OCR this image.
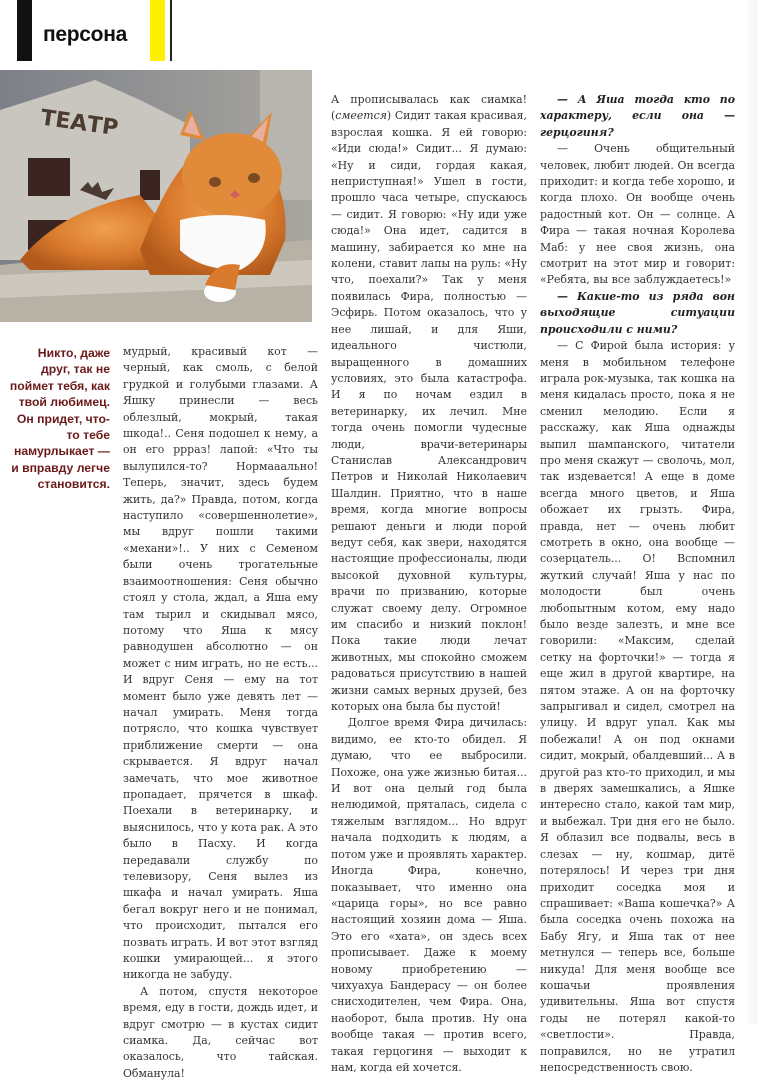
персона
ТЕАТР
Никто, даже друг, так не поймет тебя, как твой любимец. Он придет, что-то тебе намурлыкает — и вправду легче становится.

мудрый, красивый кот — черный, как смоль, с белой грудкой и голубыми глазами. А Яшку принесли — весь облезлый, мокрый, такая шкода!.. Сеня подошел к нему, а он его ррраз! лапой: «Что ты вылупился-то? Нормааально! Теперь, значит, здесь будем жить, да?» Правда, потом, когда наступило «совершеннолетие», мы вдруг пошли такими «механи»!.. У них с Семеном были очень трогательные взаимоотношения: Сеня обычно стоял у стола, ждал, а Яша ему там тырил и скидывал мясо, потому что Яша к мясу равнодушен абсолютно — он может с ним играть, но не есть... И вдруг Сеня — ему на тот момент было уже девять лет — начал умирать. Меня тогда потрясло, что кошка чувствует приближение смерти — она скрывается. Я вдруг начал замечать, что мое животное пропадает, прячется в шкаф. Поехали в ветеринарку, и выяснилось, что у кота рак. А это было в Пасху. И когда передавали службу по телевизору, Сеня вылез из шкафа и начал умирать. Яша бегал вокруг него и не понимал, что происходит, пытался его позвать играть. И вот этот взгляд кошки умирающей... я этого никогда не забуду.

А потом, спустя некоторое время, еду в гости, дождь идет, и вдруг смотрю — в кустах сидит сиамка. Да, сейчас вот оказалось, что тайская. Обманула!

А прописывалась как сиамка! (смеется) Сидит такая красивая, взрослая кошка. Я ей говорю: «Иди сюда!» Сидит... Я думаю: «Ну и сиди, гордая какая, неприступная!» Ушел в гости, прошло часа четыре, спускаюсь — сидит. Я говорю: «Ну иди уже сюда!» Она идет, садится в машину, забирается ко мне на колени, ставит лапы на руль: «Ну что, поехали?» Так у меня появилась Фира, полностью — Эсфирь. Потом оказалось, что у нее лишай, и для Яши, идеального чистюли, выращенного в домашних условиях, это была катастрофа. И я по ночам ездил в ветеринарку, их лечил. Мне тогда очень помогли чудесные люди, врачи-ветеринары Станислав Александрович Петров и Николай Николаевич Шалдин. Приятно, что в наше время, когда многие вопросы решают деньги и люди порой ведут себя, как звери, находятся настоящие профессионалы, люди высокой духовной культуры, врачи по призванию, которые служат своему делу. Огромное им спасибо и низкий поклон! Пока такие люди лечат животных, мы спокойно сможем радоваться присутствию в нашей жизни самых верных друзей, без которых она была бы пустой!

Долгое время Фира дичилась: видимо, ее кто-то обидел. Я думаю, что ее выбросили. Похоже, она уже жизнью битая... И вот она целый год была нелюдимой, пряталась, сидела с тяжелым взглядом... Но вдруг начала подходить к людям, а потом уже и проявлять характер. Иногда Фира, конечно, показывает, что именно она «царица горы», но все равно настоящий хозяин дома — Яша. Это его «хата», он здесь всех прописывает. Даже к моему новому приобретению — чихуахуа Бандерасу — он более снисходителен, чем Фира. Она, наоборот, была против. Ну она вообще такая — против всего, такая герцогиня — выходит к нам, когда ей хочется.

— А Яша тогда кто по характеру, если она — герцогиня?

— Очень общительный человек, любит людей. Он всегда приходит: и когда тебе хорошо, и когда плохо. Он вообще очень радостный кот. Он — солнце. А Фира — такая ночная Королева Маб: у нее своя жизнь, она смотрит на этот мир и говорит: «Ребята, вы все заблуждаетесь!»

— Какие-то из ряда вон выходящие ситуации происходили с ними?

— С Фирой была история: у меня в мобильном телефоне играла рок-музыка, так кошка на меня кидалась просто, пока я не сменил мелодию. Если я расскажу, как Яша однажды выпил шампанского, читатели про меня скажут — сволочь, мол, так издевается! А еще в доме всегда много цветов, и Яша обожает их грызть. Фира, правда, нет — очень любит смотреть в окно, она вообще — созерцатель... О! Вспомнил жуткий случай! Яша у нас по молодости был очень любопытным котом, ему надо было везде залезть, и мне все говорили: «Максим, сделай сетку на форточки!» — тогда я еще жил в другой квартире, на пятом этаже. А он на форточку запрыгивал и сидел, смотрел на улицу. И вдруг упал. Как мы побежали! А он под окнами сидит, мокрый, обалдевший... А в другой раз кто-то приходил, и мы в дверях замешкались, а Яшке интересно стало, какой там мир, и выбежал. Три дня его не было. Я облазил все подвалы, весь в слезах — ну, кошмар, дитё потерялось! И через три дня приходит соседка моя и спрашивает: «Ваша кошечка?» А была соседка очень похожа на Бабу Ягу, и Яша так от нее метнулся — теперь все, больше никуда! Для меня вообще все кошачьи проявления удивительны. Яша вот спустя годы не потерял какой-то «светлости». Правда, поправился, но не утратил непосредственность свою.
